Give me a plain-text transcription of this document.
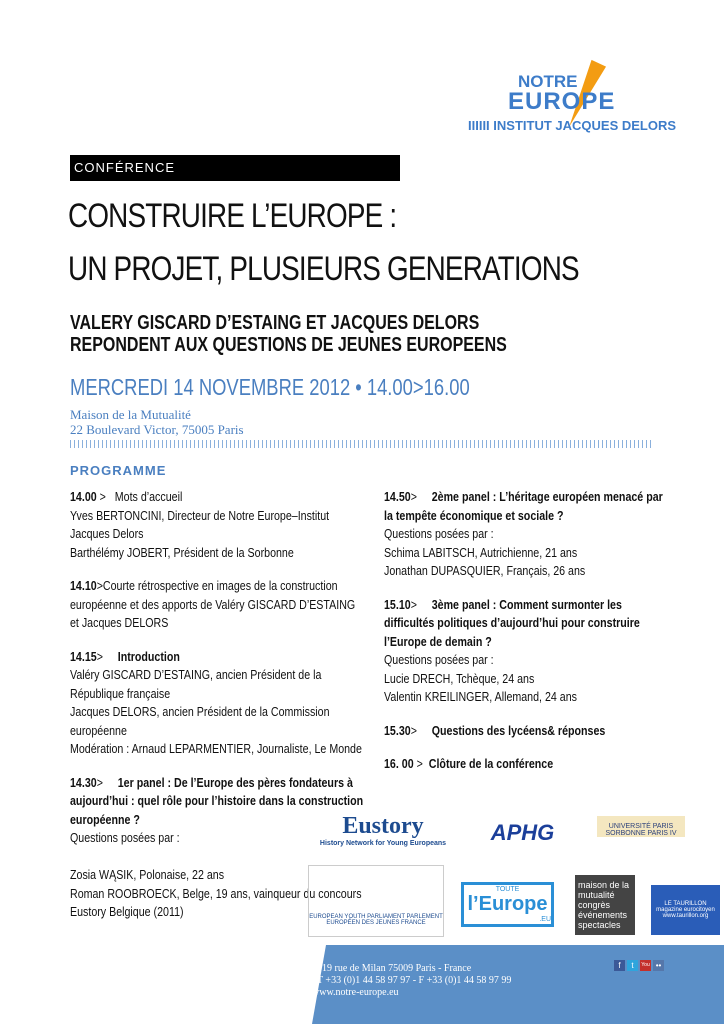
NOTRE
EUROPE
IIIIII INSTITUT JACQUES DELORS
CONFÉRENCE
CONSTRUIRE L’EUROPE :
UN PROJET, PLUSIEURS GENERATIONS
VALERY GISCARD D’ESTAING ET JACQUES DELORS
REPONDENT AUX QUESTIONS DE JEUNES EUROPEENS
MERCREDI 14 NOVEMBRE 2012 • 14.00>16.00
Maison de la Mutualité
22 Boulevard Victor, 75005 Paris
PROGRAMME

14.00 >   Mots d’accueil
Yves BERTONCINI, Directeur de Notre Europe–Institut Jacques Delors
Barthélémy JOBERT, Président de la Sorbonne

14.10>Courte rétrospective en images de la construction européenne et des apports de Valéry GISCARD D’ESTAING et Jacques DELORS

14.15>     Introduction
Valéry GISCARD D’ESTAING, ancien Président de la République française
Jacques DELORS, ancien Président de la Commission européenne
Modération : Arnaud LEPARMENTIER, Journaliste, Le Monde

14.30>     1er panel : De l’Europe des pères fondateurs à aujourd’hui : quel rôle pour l’histoire dans la construction européenne ?
Questions posées par :

Zosia WĄSIK, Polonaise, 22 ans
Roman ROOBROECK, Belge, 19 ans, vainqueur du concours Eustory Belgique (2011)

14.50>     2ème panel : L’héritage européen menacé par la tempête économique et sociale ?
Questions posées par :
Schima LABITSCH, Autrichienne, 21 ans
Jonathan DUPASQUIER, Français, 26 ans

15.10>     3ème panel : Comment surmonter les difficultés politiques d’aujourd’hui pour construire l’Europe de demain ?
Questions posées par :
Lucie DRECH, Tchèque, 24 ans
Valentin KREILINGER, Allemand, 24 ans

15.30>     Questions des lycéens& réponses

16. 00 >  Clôture de la conférence

Eustory
History Network for Young Europeans APHG	UNIVERSITÉ PARIS SORBONNE PARIS IV
EUROPEAN YOUTH PARLIAMENT PARLEMENT EUROPÉEN DES JEUNES FRANCE
TOUTE
l’Europe
.EU
maison de la mutualité congrès événements spectacles
LE TAURILLON magazine eurocitoyen www.taurillon.org
19 rue de Milan 75009 Paris - France
T +33 (0)1 44 58 97 97 - F +33 (0)1 44 58 97 99
www.notre-europe.eu
f	t	You ••
